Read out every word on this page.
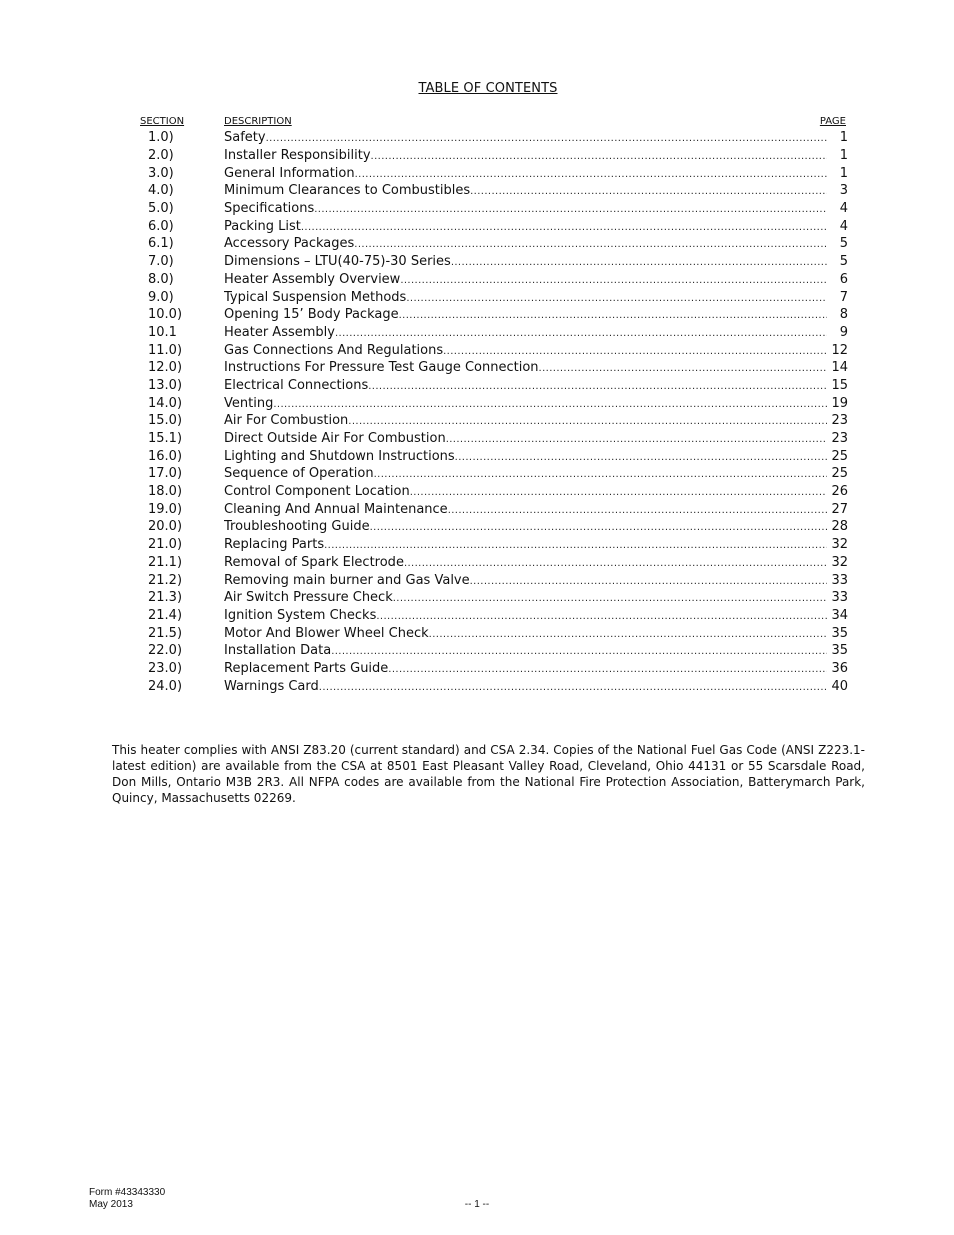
TABLE OF CONTENTS
SECTION	DESCRIPTION	PAGE
1.0)	Safety . . .	1
2.0)	Installer Responsibility . . .	1
3.0)	General Information . . .	1
4.0)	Minimum Clearances to Combustibles . . .	3
5.0)	Specifications . . .	4
6.0)	Packing List . . .	4
6.1)	Accessory Packages . . .	5
7.0)	Dimensions – LTU(40-75)-30 Series . . .	5
8.0)	Heater Assembly Overview . . .	6
9.0)	Typical Suspension Methods . . .	7
10.0)	Opening 15’ Body Package . . .	8
10.1	Heater Assembly . . .	9
11.0)	Gas Connections And Regulations . . .	12
12.0)	Instructions For Pressure Test Gauge Connection . . .	14
13.0)	Electrical Connections . . .	15
14.0)	Venting . . .	19
15.0)	Air For Combustion . . .	23
15.1)	Direct Outside Air For Combustion . . .	23
16.0)	Lighting and Shutdown Instructions . . .	25
17.0)	Sequence of Operation . . .	25
18.0)	Control Component Location . . .	26
19.0)	Cleaning And Annual Maintenance . . .	27
20.0)	Troubleshooting Guide . . .	28
21.0)	Replacing Parts . . .	32
21.1)	Removal of Spark Electrode . . .	32
21.2)	Removing main burner and Gas Valve . . .	33
21.3)	Air Switch Pressure Check . . .	33
21.4)	Ignition System Checks . . .	34
21.5)	Motor And Blower Wheel Check . . .	35
22.0)	Installation Data . . .	35
23.0)	Replacement Parts Guide . . .	36
24.0)	Warnings Card . . .	40
This heater complies with ANSI Z83.20 (current standard) and CSA 2.34. Copies of the National Fuel Gas Code (ANSI Z223.1-latest edition) are available from the CSA at 8501 East Pleasant Valley Road, Cleveland, Ohio 44131 or 55 Scarsdale Road, Don Mills, Ontario M3B 2R3. All NFPA codes are available from the National Fire Protection Association, Batterymarch Park, Quincy, Massachusetts 02269.
Form #43343330
May 2013	-- 1 --
